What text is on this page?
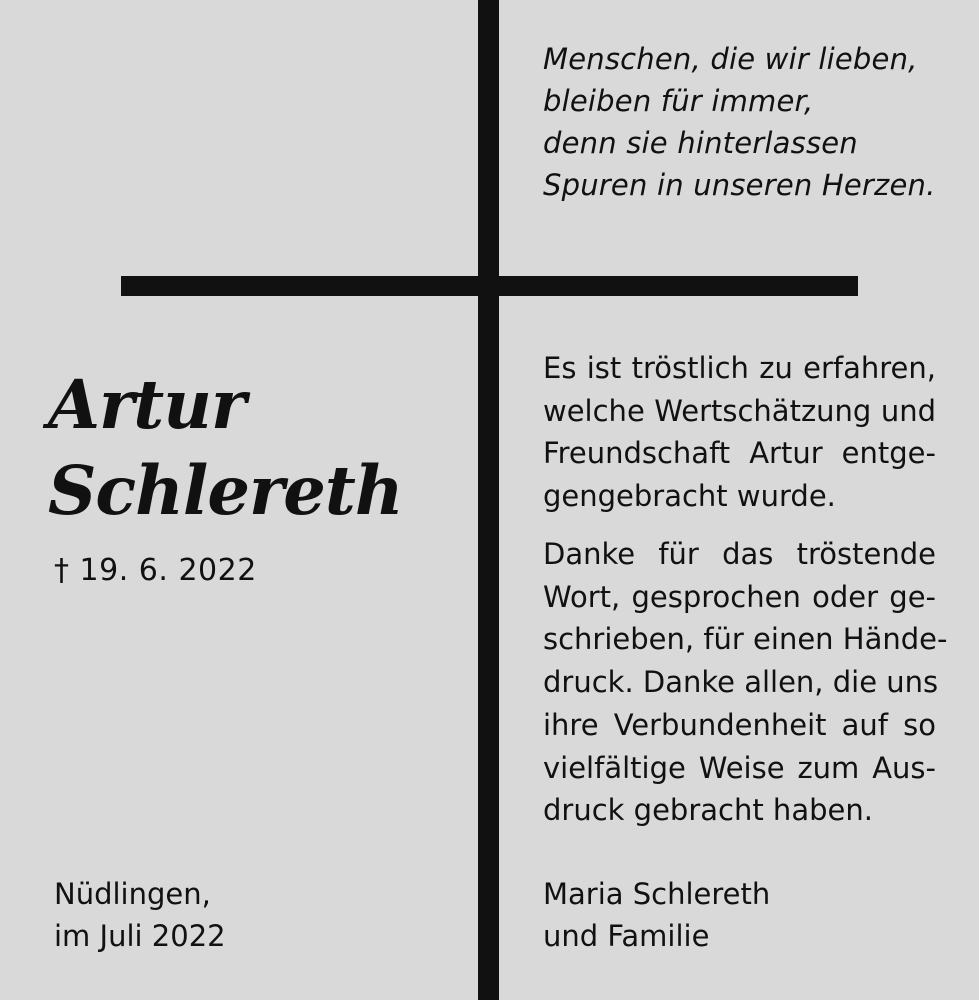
Menschen, die wir lieben,
bleiben für immer,
denn sie hinterlassen
Spuren in unseren Herzen.

Artur
Schlereth

† 19. 6. 2022

Nüdlingen,
im Juli 2022

Es ist tröstlich zu erfahren,
welche Wertschätzung und
Freundschaft Artur entge-
gengebracht wurde.

Danke für das tröstende
Wort, gesprochen oder ge-
schrieben, für einen Hände-
druck. Danke allen, die uns
ihre Verbundenheit auf so
vielfältige Weise zum Aus-
druck gebracht haben.

Maria Schlereth
und Familie
